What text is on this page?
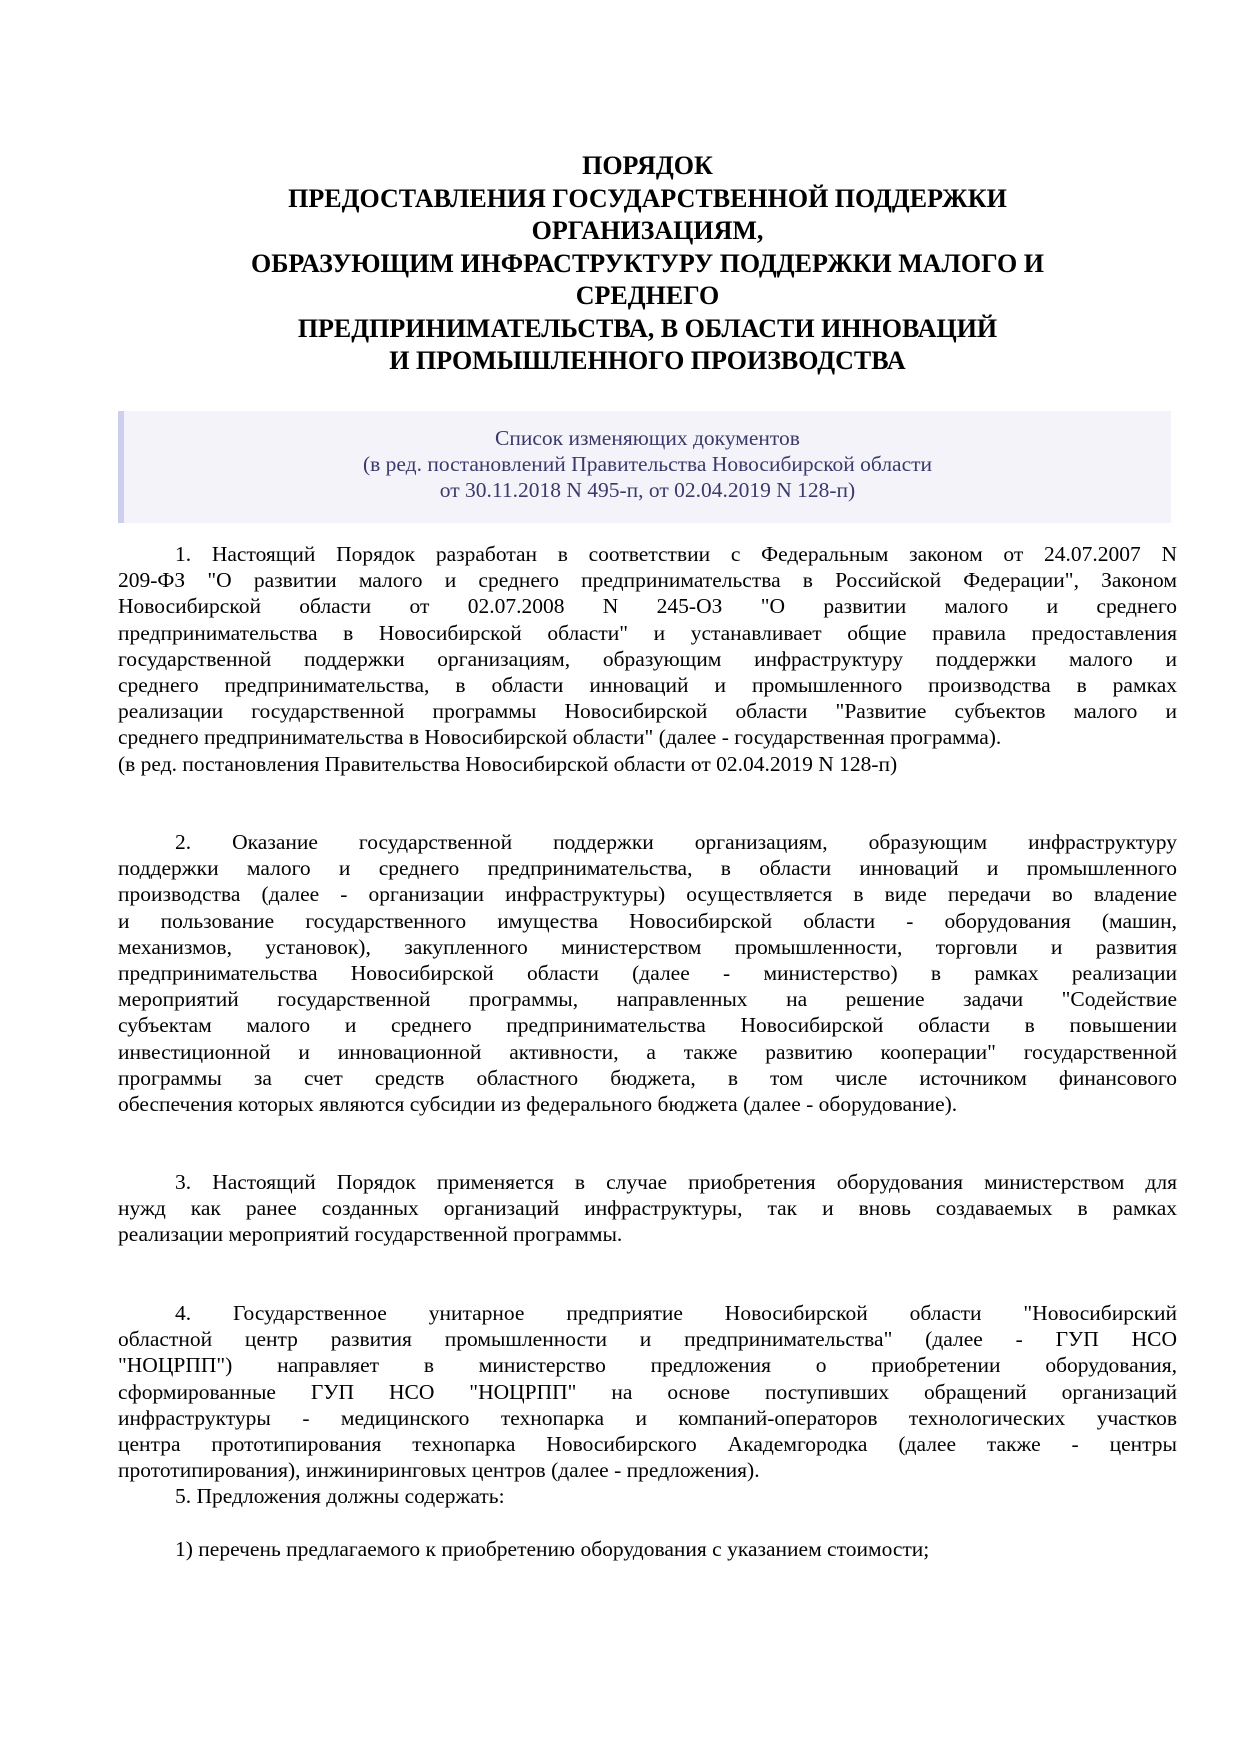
ПОРЯДОК
ПРЕДОСТАВЛЕНИЯ ГОСУДАРСТВЕННОЙ ПОДДЕРЖКИ
ОРГАНИЗАЦИЯМ,
ОБРАЗУЮЩИМ ИНФРАСТРУКТУРУ ПОДДЕРЖКИ МАЛОГО И
СРЕДНЕГО
ПРЕДПРИНИМАТЕЛЬСТВА, В ОБЛАСТИ ИННОВАЦИЙ
И ПРОМЫШЛЕННОГО ПРОИЗВОДСТВА
Список изменяющих документов
(в ред. постановлений Правительства Новосибирской области
от 30.11.2018 N 495-п, от 02.04.2019 N 128-п)
1. Настоящий Порядок разработан в соответствии с Федеральным законом от 24.07.2007 N
209-ФЗ "О развитии малого и среднего предпринимательства в Российской Федерации", Законом
Новосибирской области от 02.07.2008 N 245-ОЗ "О развитии малого и среднего
предпринимательства в Новосибирской области" и устанавливает общие правила предоставления
государственной поддержки организациям, образующим инфраструктуру поддержки малого и
среднего предпринимательства, в области инноваций и промышленного производства в рамках
реализации государственной программы Новосибирской области "Развитие субъектов малого и
среднего предпринимательства в Новосибирской области" (далее - государственная программа).
(в ред. постановления Правительства Новосибирской области от 02.04.2019 N 128-п)
2. Оказание государственной поддержки организациям, образующим инфраструктуру
поддержки малого и среднего предпринимательства, в области инноваций и промышленного
производства (далее - организации инфраструктуры) осуществляется в виде передачи во владение
и пользование государственного имущества Новосибирской области - оборудования (машин,
механизмов, установок), закупленного министерством промышленности, торговли и развития
предпринимательства Новосибирской области (далее - министерство) в рамках реализации
мероприятий государственной программы, направленных на решение задачи "Содействие
субъектам малого и среднего предпринимательства Новосибирской области в повышении
инвестиционной и инновационной активности, а также развитию кооперации" государственной
программы за счет средств областного бюджета, в том числе источником финансового
обеспечения которых являются субсидии из федерального бюджета (далее - оборудование).
3. Настоящий Порядок применяется в случае приобретения оборудования министерством для
нужд как ранее созданных организаций инфраструктуры, так и вновь создаваемых в рамках
реализации мероприятий государственной программы.
4. Государственное унитарное предприятие Новосибирской области "Новосибирский
областной центр развития промышленности и предпринимательства" (далее - ГУП НСО
"НОЦРПП") направляет в министерство предложения о приобретении оборудования,
сформированные ГУП НСО "НОЦРПП" на основе поступивших обращений организаций
инфраструктуры - медицинского технопарка и компаний-операторов технологических участков
центра прототипирования технопарка Новосибирского Академгородка (далее также - центры
прототипирования), инжиниринговых центров (далее - предложения).
5. Предложения должны содержать:
1) перечень предлагаемого к приобретению оборудования с указанием стоимости;
